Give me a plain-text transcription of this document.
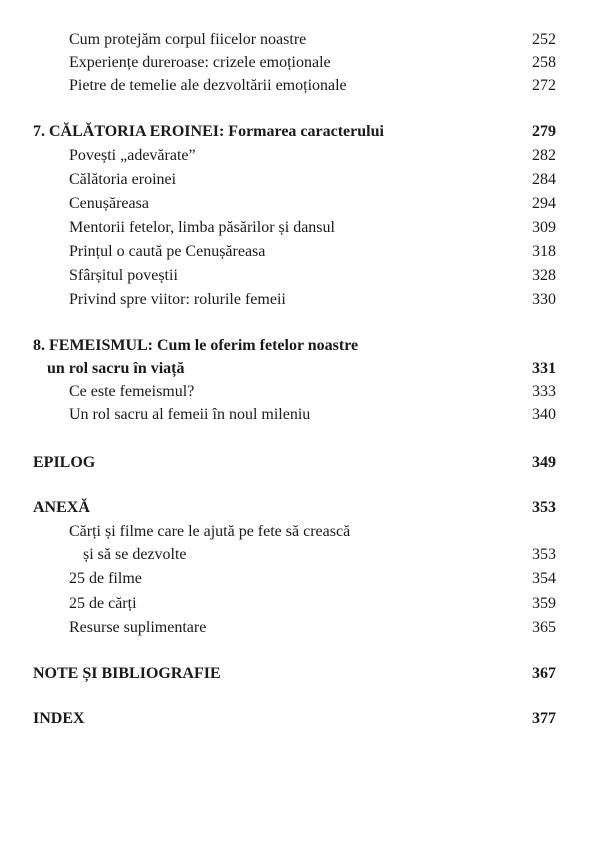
Cum protejăm corpul fiicelor noastre	252
Experiențe dureroase: crizele emoționale	258
Pietre de temelie ale dezvoltării emoționale	272
7. CĂLĂTORIA EROINEI: Formarea caracterului	279
Povești „adevărate”	282
Călătoria eroinei	284
Cenușăreasa	294
Mentorii fetelor, limba păsărilor și dansul	309
Prințul o caută pe Cenușăreasa	318
Sfârșitul poveștii	328
Privind spre viitor: rolurile femeii	330
8. FEMEISMUL: Cum le oferim fetelor noastre
un rol sacru în viață	331
Ce este femeismul?	333
Un rol sacru al femeii în noul mileniu	340
EPILOG	349
ANEXĂ	353
Cărți și filme care le ajută pe fete să crească
și să se dezvolte	353
25 de filme	354
25 de cărți	359
Resurse suplimentare	365
NOTE ȘI BIBLIOGRAFIE	367
INDEX	377
